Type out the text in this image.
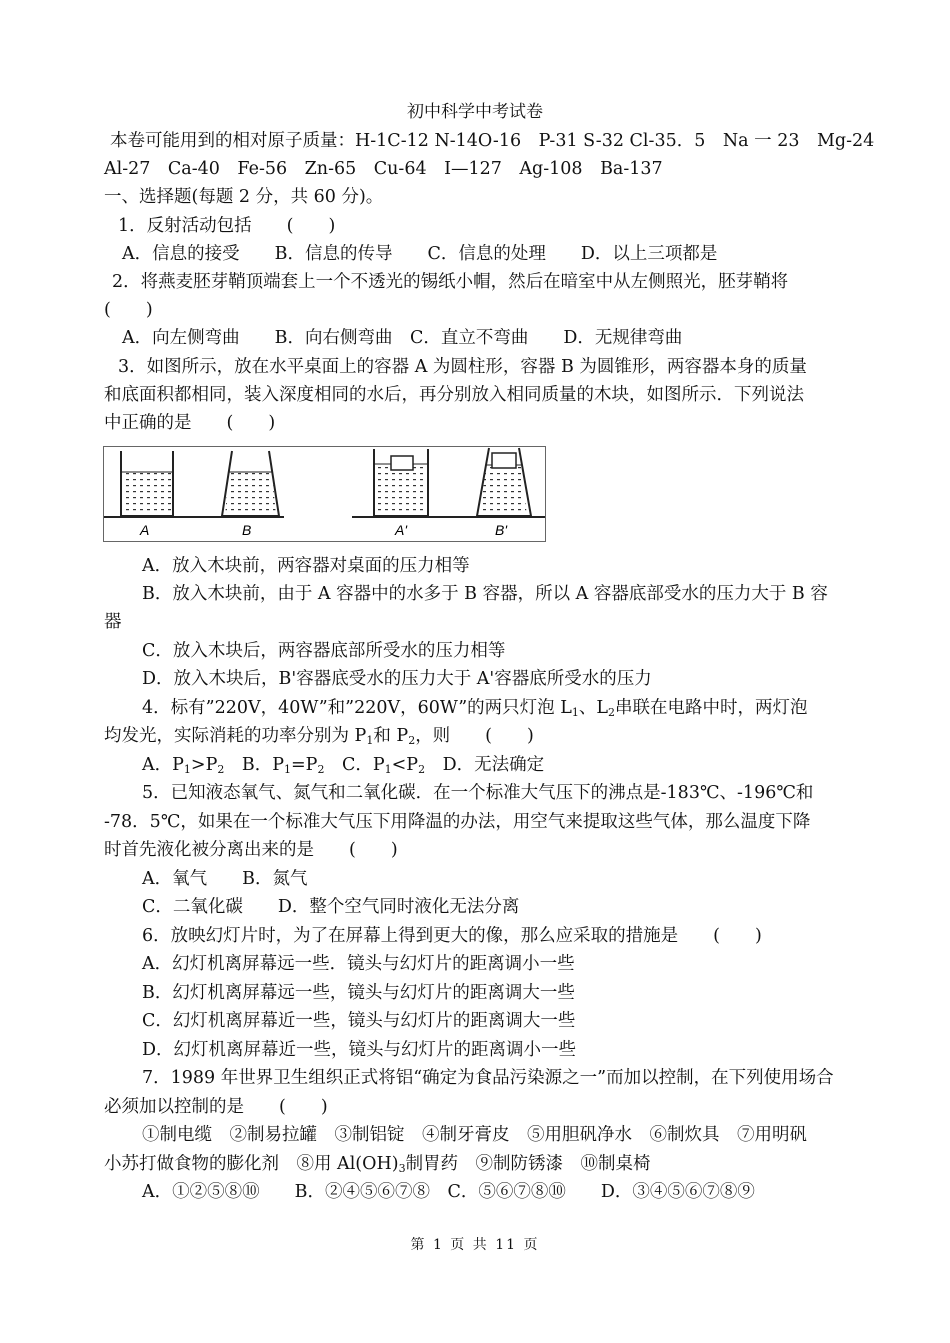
初中科学中考试卷
本卷可能用到的相对原子质量：H-1C-12 N-14O-16　P-31 S-32 Cl-35．5　Na 一 23　Mg-24
Al-27　Ca-40　Fe-56　Zn-65　Cu-64　I—127　Ag-108　Ba-137
一、选择题(每题 2 分，共 60 分)。
1．反射活动包括　　(　　)
A．信息的接受　　B．信息的传导　　C．信息的处理　　D．以上三项都是
2．将燕麦胚芽鞘顶端套上一个不透光的锡纸小帽，然后在暗室中从左侧照光，胚芽鞘将
(　　)
A．向左侧弯曲　　B．向右侧弯曲　C．直立不弯曲　　D．无规律弯曲
3．如图所示，放在水平桌面上的容器 A 为圆柱形，容器 B 为圆锥形，两容器本身的质量
和底面积都相同，装入深度相同的水后，再分别放入相同质量的木块，如图所示．下列说法
中正确的是　　(　　)
A	B	A'	B'
A．放入木块前，两容器对桌面的压力相等
B．放入木块前，由于 A 容器中的水多于 B 容器，所以 A 容器底部受水的压力大于 B 容
器
C．放入木块后，两容器底部所受水的压力相等
D．放入木块后，B'容器底受水的压力大于 A'容器底所受水的压力
4．标有”220V，40W”和”220V，60W”的两只灯泡 $L_1$、$L_2$串联在电路中时，两灯泡
均发光，实际消耗的功率分别为 $P_1$和 $P_2$，则　　(　　)
A．$P_1>P_2$　B．$P_1=P_2$　C．$P_1<P_2$　D．无法确定
5．已知液态氧气、氮气和二氧化碳．在一个标准大气压下的沸点是-183℃、-196℃和
-78．5℃，如果在一个标准大气压下用降温的办法，用空气来提取这些气体，那么温度下降
时首先液化被分离出来的是　　(　　)
A．氧气　　B．氮气
C．二氧化碳　　D．整个空气同时液化无法分离
6．放映幻灯片时，为了在屏幕上得到更大的像，那么应采取的措施是　　(　　)
A．幻灯机离屏幕远一些．镜头与幻灯片的距离调小一些
B．幻灯机离屏幕远一些，镜头与幻灯片的距离调大一些
C．幻灯机离屏幕近一些，镜头与幻灯片的距离调大一些
D．幻灯机离屏幕近一些，镜头与幻灯片的距离调小一些
7．1989 年世界卫生组织正式将铝“确定为食品污染源之一”而加以控制，在下列使用场合
必须加以控制的是　　(　　)
①制电缆　②制易拉罐　③制铝锭　④制牙膏皮　⑤用胆矾净水　⑥制炊具　⑦用明矾
小苏打做食物的膨化剂　⑧用 $Al(OH)_3$制胃药　⑨制防锈漆　⑩制桌椅
A．①②⑤⑧⑩　　B．②④⑤⑥⑦⑧　C．⑤⑥⑦⑧⑩　　D．③④⑤⑥⑦⑧⑨
第 1 页 共 11 页
